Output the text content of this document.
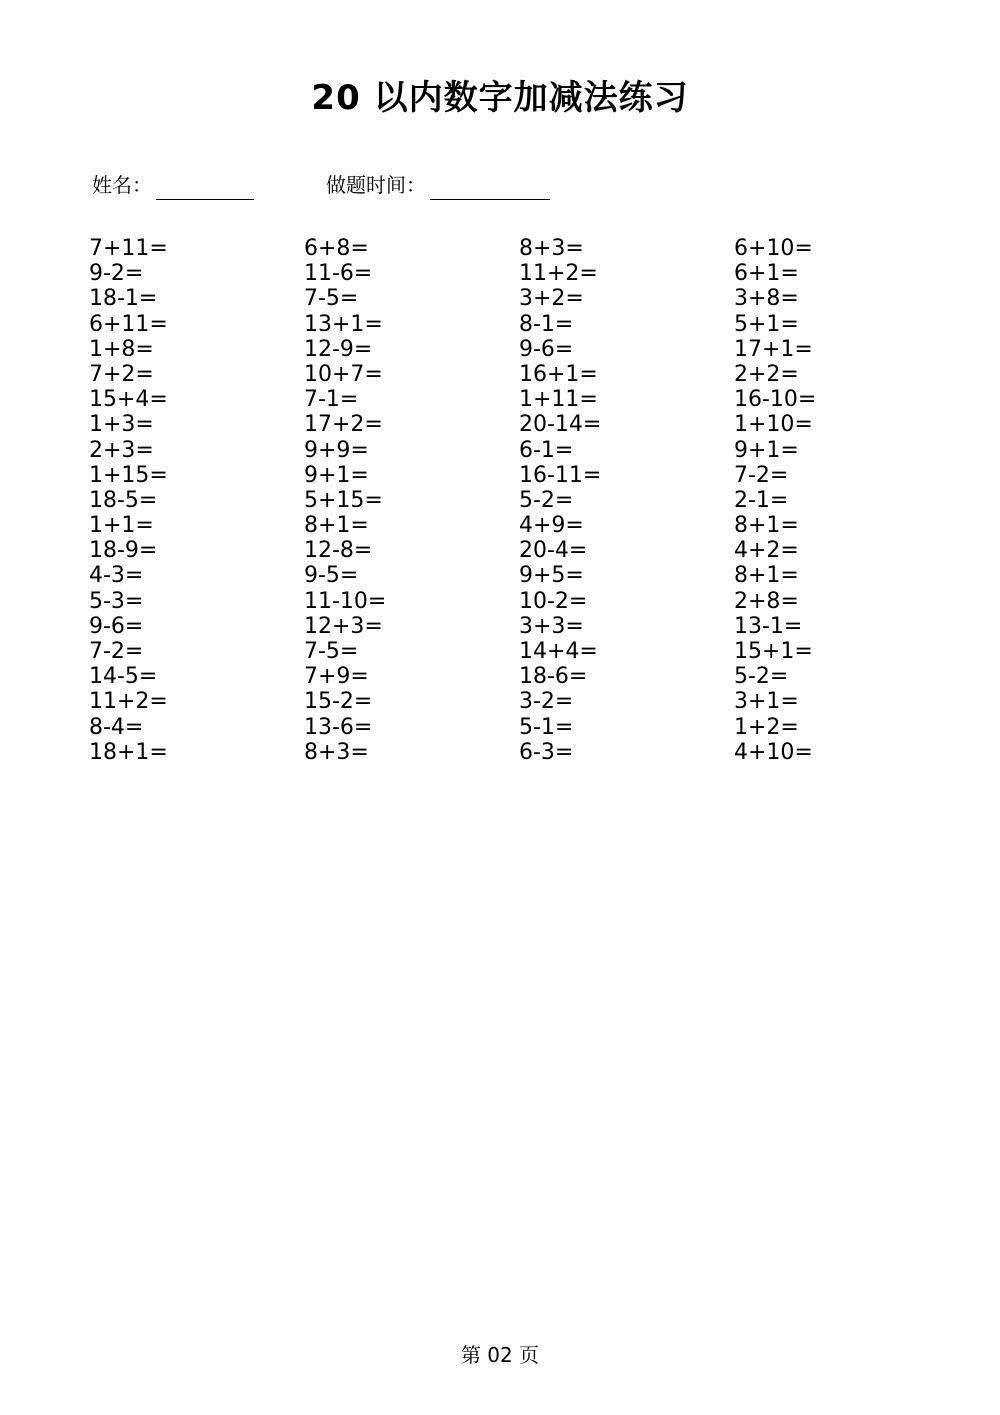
20 以内数字加减法练习
姓名：	做题时间：
7+11=
9-2=
18-1=
6+11=
1+8=
7+2=
15+4=
1+3=
2+3=
1+15=
18-5=
1+1=
18-9=
4-3=
5-3=
9-6=
7-2=
14-5=
11+2=
8-4=
18+1=
6+8=
11-6=
7-5=
13+1=
12-9=
10+7=
7-1=
17+2=
9+9=
9+1=
5+15=
8+1=
12-8=
9-5=
11-10=
12+3=
7-5=
7+9=
15-2=
13-6=
8+3=
8+3=
11+2=
3+2=
8-1=
9-6=
16+1=
1+11=
20-14=
6-1=
16-11=
5-2=
4+9=
20-4=
9+5=
10-2=
3+3=
14+4=
18-6=
3-2=
5-1=
6-3=
6+10=
6+1=
3+8=
5+1=
17+1=
2+2=
16-10=
1+10=
9+1=
7-2=
2-1=
8+1=
4+2=
8+1=
2+8=
13-1=
15+1=
5-2=
3+1=
1+2=
4+10=
第 02 页
